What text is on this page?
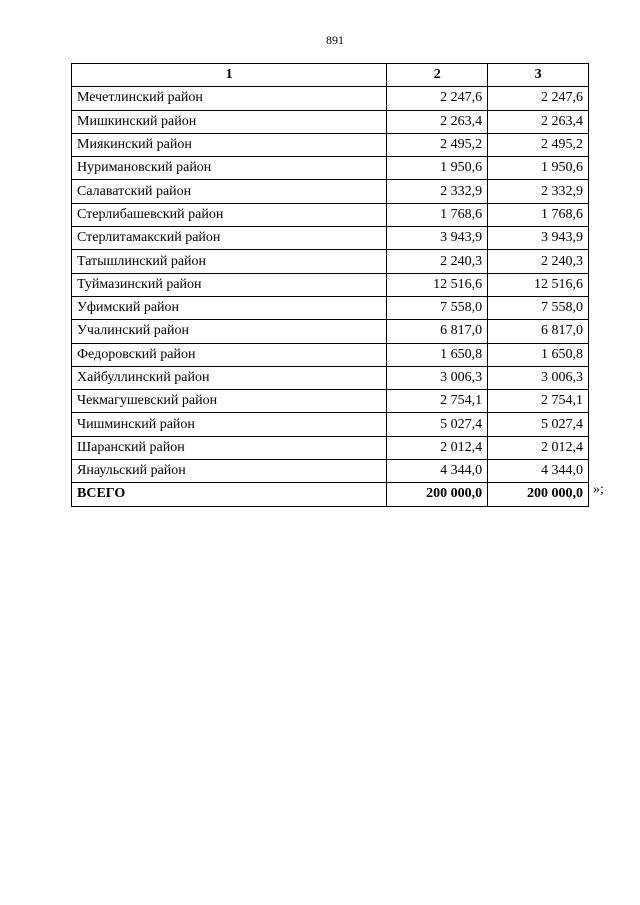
891
1	2	3
Мечетлинский район	2 247,6	2 247,6
Мишкинский район	2 263,4	2 263,4
Миякинский район	2 495,2	2 495,2
Нуримановский район	1 950,6	1 950,6
Салаватский район	2 332,9	2 332,9
Стерлибашевский район	1 768,6	1 768,6
Стерлитамакский район	3 943,9	3 943,9
Татышлинский район	2 240,3	2 240,3
Туймазинский район	12 516,6	12 516,6
Уфимский район	7 558,0	7 558,0
Учалинский район	6 817,0	6 817,0
Федоровский район	1 650,8	1 650,8
Хайбуллинский район	3 006,3	3 006,3
Чекмагушевский район	2 754,1	2 754,1
Чишминский район	5 027,4	5 027,4
Шаранский район	2 012,4	2 012,4
Янаульский район	4 344,0	4 344,0
ВСЕГО	200 000,0	200 000,0 »;
